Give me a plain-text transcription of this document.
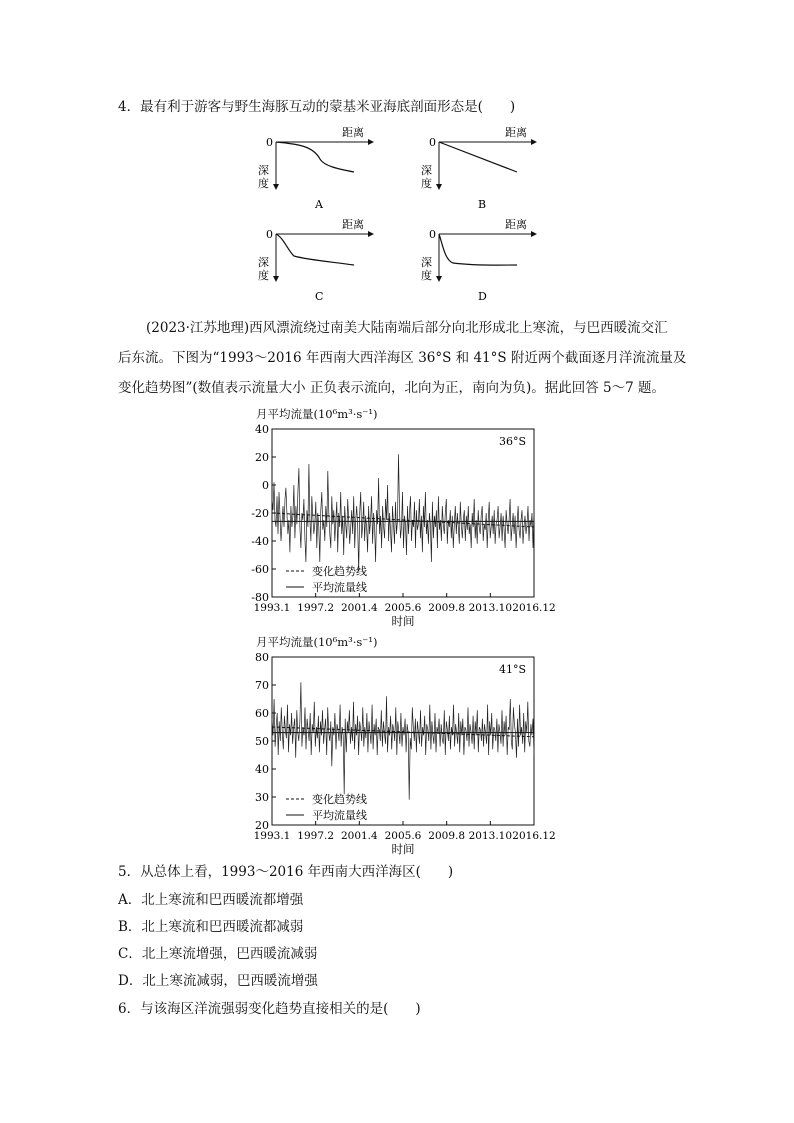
4．最有利于游客与野生海豚互动的蒙基米亚海底剖面形态是(　　)
0
距离
深
度
A
0
距离
深
度
B
0
距离
深
度
C
0
距离
深
度
D
(2023·江苏地理)西风漂流绕过南美大陆南端后部分向北形成北上寒流，与巴西暖流交汇
后东流。下图为“1993～2016 年西南大西洋海区 36°S 和 41°S 附近两个截面逐月洋流流量及
变化趋势图”(数值表示流量大小 正负表示流向，北向为正，南向为负)。据此回答 5～7 题。
月平均流量(10⁶m³·s⁻¹)
40
20
0
-20
-40
-60
-80
1993.1 1997.2 2001.4 2005.6 2009.8 2013.10 2016.12
时间
36°S
变化趋势线
平均流量线
月平均流量(10⁶m³·s⁻¹)
80
70
60
50
40
30
20
1993.1 1997.2 2001.4 2005.6 2009.8 2013.10 2016.12
时间
41°S
变化趋势线
平均流量线
5．从总体上看，1993～2016 年西南大西洋海区(　　)
A．北上寒流和巴西暖流都增强
B．北上寒流和巴西暖流都减弱
C．北上寒流增强，巴西暖流减弱
D．北上寒流减弱，巴西暖流增强
6．与该海区洋流强弱变化趋势直接相关的是(　　)
